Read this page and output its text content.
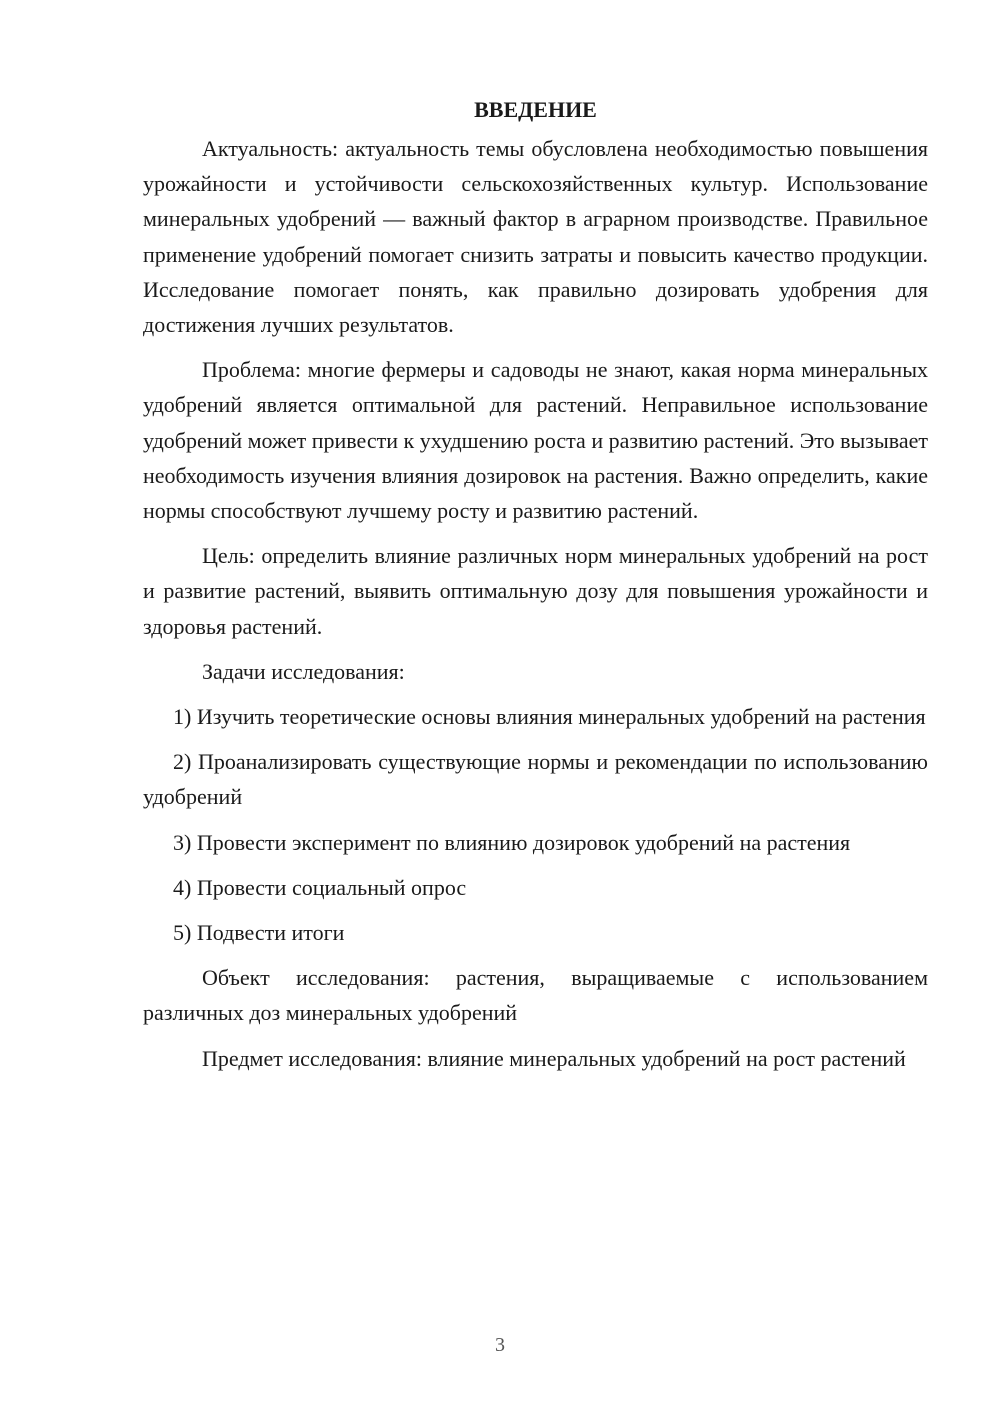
ВВЕДЕНИЕ

Актуальность: актуальность темы обусловлена необходимостью повышения урожайности и устойчивости сельскохозяйственных культур. Использование минеральных удобрений — важный фактор в аграрном производстве. Правильное применение удобрений помогает снизить затраты и повысить качество продукции. Исследование помогает понять, как правильно дозировать удобрения для достижения лучших результатов.

Проблема: многие фермеры и садоводы не знают, какая норма минеральных удобрений является оптимальной для растений. Неправильное использование удобрений может привести к ухудшению роста и развитию растений. Это вызывает необходимость изучения влияния дозировок на растения. Важно определить, какие нормы способствуют лучшему росту и развитию растений.

Цель: определить влияние различных норм минеральных удобрений на рост и развитие растений, выявить оптимальную дозу для повышения урожайности и здоровья растений.

Задачи исследования:

1) Изучить теоретические основы влияния минеральных удобрений на растения

2) Проанализировать существующие нормы и рекомендации по использованию удобрений

3) Провести эксперимент по влиянию дозировок удобрений на растения

4) Провести социальный опрос

5) Подвести итоги

Объект исследования: растения, выращиваемые с использованием различных доз минеральных удобрений

Предмет исследования: влияние минеральных удобрений на рост растений

3
